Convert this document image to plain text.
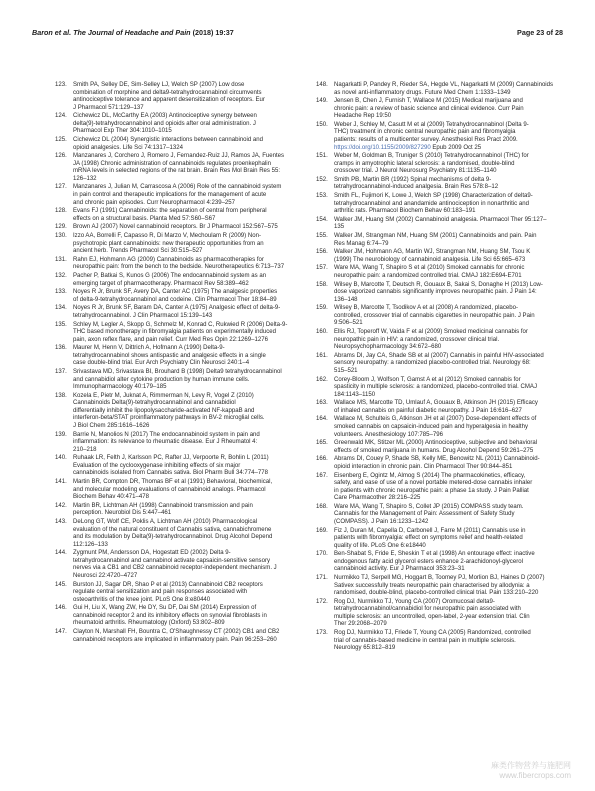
Baron et al. The Journal of Headache and Pain (2018) 19:37	Page 23 of 28
123. Smith PA, Selley DE, Sim-Selley LJ, Welch SP (2007) Low dose
combination of morphine and delta9-tetrahydrocannabinol circumvents
antinociceptive tolerance and apparent desensitization of receptors. Eur
J Pharmacol 571:129–137
124. Cichewicz DL, McCarthy EA (2003) Antinociceptive synergy between
delta(9)-tetrahydrocannabinol and opioids after oral administration. J
Pharmacol Exp Ther 304:1010–1015
125. Cichewicz DL (2004) Synergistic interactions between cannabinoid and
opioid analgesics. Life Sci 74:1317–1324
126. Manzanares J, Corchero J, Romero J, Fernandez-Ruiz JJ, Ramos JA, Fuentes
JA (1998) Chronic administration of cannabinoids regulates proenkephalin
mRNA levels in selected regions of the rat brain. Brain Res Mol Brain Res 55:
126–132
127. Manzanares J, Julian M, Carrascosa A (2006) Role of the cannabinoid system
in pain control and therapeutic implications for the management of acute
and chronic pain episodes. Curr Neuropharmacol 4:239–257
128. Evans FJ (1991) Cannabinoids: the separation of central from peripheral
effects on a structural basis. Planta Med 57:S60–S67
129. Brown AJ (2007) Novel cannabinoid receptors. Br J Pharmacol 152:567–575
130. Izzo AA, Borrelli F, Capasso R, Di Marzo V, Mechoulam R (2009) Non-
psychotropic plant cannabinoids: new therapeutic opportunities from an
ancient herb. Trends Pharmacol Sci 30:515–527
131. Rahn EJ, Hohmann AG (2009) Cannabinoids as pharmacotherapies for
neuropathic pain: from the bench to the bedside. Neurotherapeutics 6:713–737
132. Pacher P, Batkai S, Kunos G (2006) The endocannabinoid system as an
emerging target of pharmacotherapy. Pharmacol Rev 58:389–462
133. Noyes R Jr, Brunk SF, Avery DA, Canter AC (1975) The analgesic properties
of delta-9-tetrahydrocannabinol and codeine. Clin Pharmacol Ther 18:84–89
134. Noyes R Jr, Brunk SF, Baram DA, Canter A (1975) Analgesic effect of delta-9-
tetrahydrocannabinol. J Clin Pharmacol 15:139–143
135. Schley M, Legler A, Skopp G, Schmelz M, Konrad C, Rukwied R (2006) Delta-9-
THC based monotherapy in fibromyalgia patients on experimentally induced
pain, axon reflex flare, and pain relief. Curr Med Res Opin 22:1269–1276
136. Maurer M, Henn V, Dittrich A, Hofmann A (1990) Delta-9-
tetrahydrocannabinol shows antispastic and analgesic effects in a single
case double-blind trial. Eur Arch Psychiatry Clin Neurosci 240:1–4
137. Srivastava MD, Srivastava BI, Brouhard B (1998) Delta9 tetrahydrocannabinol
and cannabidiol alter cytokine production by human immune cells.
Immunopharmacology 40:179–185
138. Kozela E, Pietr M, Juknat A, Rimmerman N, Levy R, Vogel Z (2010)
Cannabinoids Delta(9)-tetrahydrocannabinol and cannabidiol
differentially inhibit the lipopolysaccharide-activated NF-kappaB and
interferon-beta/STAT proinflammatory pathways in BV-2 microglial cells.
J Biol Chem 285:1616–1626
139. Barrie N, Manolios N (2017) The endocannabinoid system in pain and
inflammation: its relevance to rheumatic disease. Eur J Rheumatol 4:
210–218
140. Ruhaak LR, Felth J, Karlsson PC, Rafter JJ, Verpoorte R, Bohlin L (2011)
Evaluation of the cyclooxygenase inhibiting effects of six major
cannabinoids isolated from Cannabis sativa. Biol Pharm Bull 34:774–778
141. Martin BR, Compton DR, Thomas BF et al (1991) Behavioral, biochemical,
and molecular modeling evaluations of cannabinoid analogs. Pharmacol
Biochem Behav 40:471–478
142. Martin BR, Lichtman AH (1998) Cannabinoid transmission and pain
perception. Neurobiol Dis 5:447–461
143. DeLong GT, Wolf CE, Poklis A, Lichtman AH (2010) Pharmacological
evaluation of the natural constituent of Cannabis sativa, cannabichromene
and its modulation by Delta(9)-tetrahydrocannabinol. Drug Alcohol Depend
112:126–133
144. Zygmunt PM, Andersson DA, Hogestatt ED (2002) Delta 9-
tetrahydrocannabinol and cannabinol activate capsaicin-sensitive sensory
nerves via a CB1 and CB2 cannabinoid receptor-independent mechanism. J
Neurosci 22:4720–4727
145. Burston JJ, Sagar DR, Shao P et al (2013) Cannabinoid CB2 receptors
regulate central sensitization and pain responses associated with
osteoarthritis of the knee joint. PLoS One 8:e80440
146. Gui H, Liu X, Wang ZW, He DY, Su DF, Dai SM (2014) Expression of
cannabinoid receptor 2 and its inhibitory effects on synovial fibroblasts in
rheumatoid arthritis. Rheumatology (Oxford) 53:802–809
147. Clayton N, Marshall FH, Bountra C, O'Shaughnessy CT (2002) CB1 and CB2
cannabinoid receptors are implicated in inflammatory pain. Pain 96:253–260
148. Nagarkatti P, Pandey R, Rieder SA, Hegde VL, Nagarkatti M (2009) Cannabinoids
as novel anti-inflammatory drugs. Future Med Chem 1:1333–1349
149. Jensen B, Chen J, Furnish T, Wallace M (2015) Medical marijuana and
chronic pain: a review of basic science and clinical evidence. Curr Pain
Headache Rep 19:50
150. Weber J, Schley M, Casutt M et al (2009) Tetrahydrocannabinol (Delta 9-
THC) treatment in chronic central neuropathic pain and fibromyalgia
patients: results of a multicenter survey. Anesthesiol Res Pract 2009.
https://doi.org/10.1155/2009/827290 Epub 2009 Oct 25
151. Weber M, Goldman B, Truniger S (2010) Tetrahydrocannabinol (THC) for
cramps in amyotrophic lateral sclerosis: a randomised, double-blind
crossover trial. J Neurol Neurosurg Psychiatry 81:1135–1140
152. Smith PB, Martin BR (1992) Spinal mechanisms of delta 9-
tetrahydrocannabinol-induced analgesia. Brain Res 578:8–12
153. Smith FL, Fujimori K, Lowe J, Welch SP (1998) Characterization of delta9-
tetrahydrocannabinol and anandamide antinociception in nonarthritic and
arthritic rats. Pharmacol Biochem Behav 60:183–191
154. Walker JM, Huang SM (2002) Cannabinoid analgesia. Pharmacol Ther 95:127–135
155. Walker JM, Strangman NM, Huang SM (2001) Cannabinoids and pain. Pain
Res Manag 6:74–79
156. Walker JM, Hohmann AG, Martin WJ, Strangman NM, Huang SM, Tsou K
(1999) The neurobiology of cannabinoid analgesia. Life Sci 65:665–673
157. Ware MA, Wang T, Shapiro S et al (2010) Smoked cannabis for chronic
neuropathic pain: a randomized controlled trial. CMAJ 182:E694-E701
158. Wilsey B, Marcotte T, Deutsch R, Gouaux B, Sakai S, Donaghe H (2013) Low-
dose vaporized cannabis significantly improves neuropathic pain. J Pain 14:
136–148
159. Wilsey B, Marcotte T, Tsodikov A et al (2008) A randomized, placebo-
controlled, crossover trial of cannabis cigarettes in neuropathic pain. J Pain
9:506–521
160. Ellis RJ, Toperoff W, Vaida F et al (2009) Smoked medicinal cannabis for
neuropathic pain in HIV: a randomized, crossover clinical trial.
Neuropsychopharmacology 34:672–680
161. Abrams DI, Jay CA, Shade SB et al (2007) Cannabis in painful HIV-associated
sensory neuropathy: a randomized placebo-controlled trial. Neurology 68:
515–521
162. Corey-Bloom J, Wolfson T, Gamst A et al (2012) Smoked cannabis for
spasticity in multiple sclerosis: a randomized, placebo-controlled trial. CMAJ
184:1143–1150
163. Wallace MS, Marcotte TD, Umlauf A, Gouaux B, Atkinson JH (2015) Efficacy
of inhaled cannabis on painful diabetic neuropathy. J Pain 16:616–627
164. Wallace M, Schulteis G, Atkinson JH et al (2007) Dose-dependent effects of
smoked cannabis on capsaicin-induced pain and hyperalgesia in healthy
volunteers. Anesthesiology 107:785–796
165. Greenwald MK, Stitzer ML (2000) Antinociceptive, subjective and behavioral
effects of smoked marijuana in humans. Drug Alcohol Depend 59:261–275
166. Abrams DI, Couey P, Shade SB, Kelly ME, Benowitz NL (2011) Cannabinoid-
opioid interaction in chronic pain. Clin Pharmacol Ther 90:844–851
167. Eisenberg E, Ogintz M, Almog S (2014) The pharmacokinetics, efficacy,
safety, and ease of use of a novel portable metered-dose cannabis inhaler
in patients with chronic neuropathic pain: a phase 1a study. J Pain Palliat
Care Pharmacother 28:216–225
168. Ware MA, Wang T, Shapiro S, Collet JP (2015) COMPASS study team.
Cannabis for the Management of Pain: Assessment of Safety Study
(COMPASS). J Pain 16:1233–1242
169. Fiz J, Duran M, Capella D, Carbonell J, Farre M (2011) Cannabis use in
patients with fibromyalgia: effect on symptoms relief and health-related
quality of life. PLoS One 6:e18440
170. Ben-Shabat S, Fride E, Sheskin T et al (1998) An entourage effect: inactive
endogenous fatty acid glycerol esters enhance 2-arachidonoyl-glycerol
cannabinoid activity. Eur J Pharmacol 353:23–31
171. Nurmikko TJ, Serpell MG, Hoggart B, Toomey PJ, Morlion BJ, Haines D (2007)
Sativex successfully treats neuropathic pain characterised by allodynia: a
randomised, double-blind, placebo-controlled clinical trial. Pain 133:210–220
172. Rog DJ, Nurmikko TJ, Young CA (2007) Oromucosal delta9-
tetrahydrocannabinol/cannabidiol for neuropathic pain associated with
multiple sclerosis: an uncontrolled, open-label, 2-year extension trial. Clin
Ther 29:2068–2079
173. Rog DJ, Nurmikko TJ, Friede T, Young CA (2005) Randomized, controlled
trial of cannabis-based medicine in central pain in multiple sclerosis.
Neurology 65:812–819
麻类作物营养与施肥网
www.fibercrops.com
